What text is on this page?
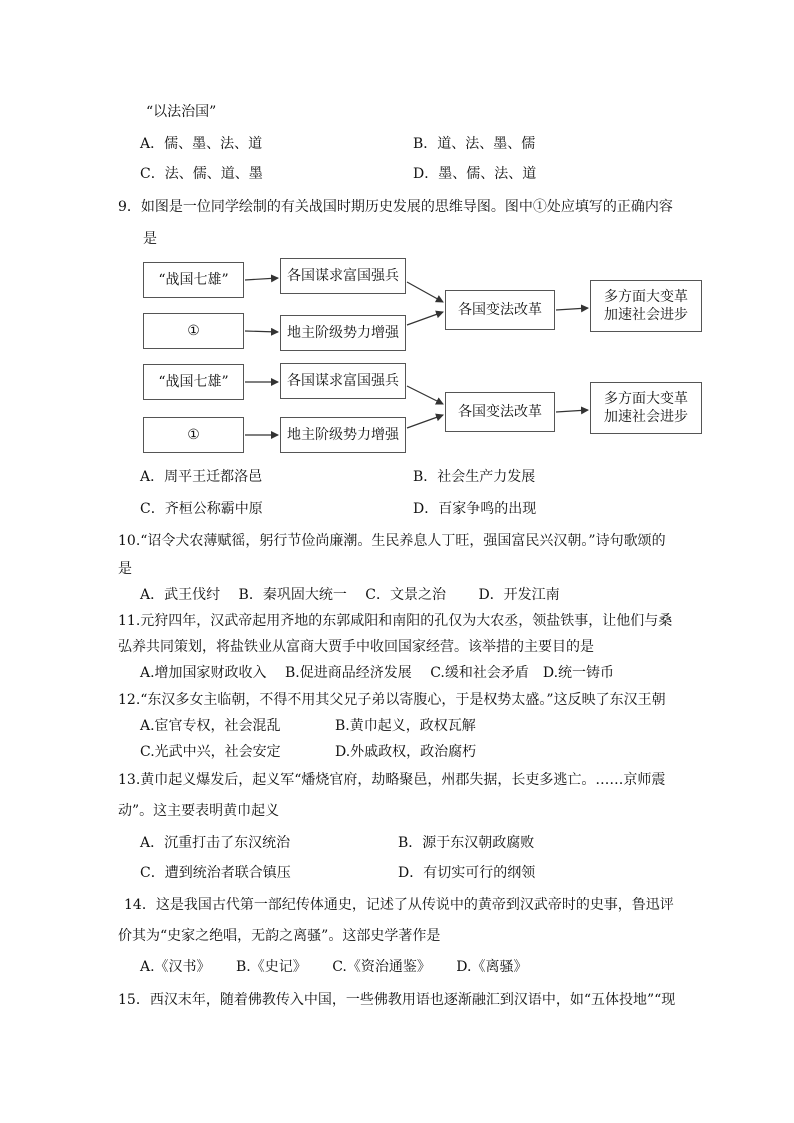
“以法治国”
A．儒、墨、法、道	B．道、法、墨、儒
C．法、儒、道、墨	D．墨、儒、法、道
9．如图是一位同学绘制的有关战国时期历史发展的思维导图。图中①处应填写的正确内容
是
“战国七雄”
①
各国谋求富国强兵
地主阶级势力增强
各国变法改革
多方面大变革
加速社会进步
“战国七雄”
①
各国谋求富国强兵
地主阶级势力增强
各国变法改革
多方面大变革
加速社会进步
A．周平王迁都洛邑	B．社会生产力发展
C．齐桓公称霸中原	D．百家争鸣的出现
10.“诏令犬农薄赋徭，躬行节俭尚廉潮。生民养息人丁旺，强国富民兴汉朝。”诗句歌颂的
是
A．武王伐纣　 B．秦巩固大统一　 C．文景之治　　 D．开发江南
11.元狩四年，汉武帝起用齐地的东郭咸阳和南阳的孔仅为大农丞，领盐铁事，让他们与桑
弘养共同策划，将盐铁业从富商大贾手中收回国家经营。该举措的主要目的是
A.增加国家财政收入　 B.促进商品经济发展　 C.缓和社会矛盾　D.统一铸币
12.“东汉多女主临朝，不得不用其父兄子弟以寄腹心，于是权势太盛。”这反映了东汉王朝
A.宦官专权，社会混乱	B.黄巾起义，政权瓦解
C.光武中兴，社会安定	D.外戚政权，政治腐朽
13.黄巾起义爆发后，起义军“燔烧官府，劫略聚邑，州郡失据，长吏多逃亡。……京师震
动”。这主要表明黄巾起义
A．沉重打击了东汉统治	B．源于东汉朝政腐败
C．遭到统治者联合镇压	D．有切实可行的纲领
14．这是我国古代第一部纪传体通史，记述了从传说中的黄帝到汉武帝时的史事，鲁迅评
价其为“史家之绝唱，无韵之离骚”。这部史学著作是
A.《汉书》　　 B.《史记》　　 C.《资治通鉴》　　 D.《离骚》
15．西汉末年，随着佛教传入中国，一些佛教用语也逐渐融汇到汉语中，如“五体投地”“现
